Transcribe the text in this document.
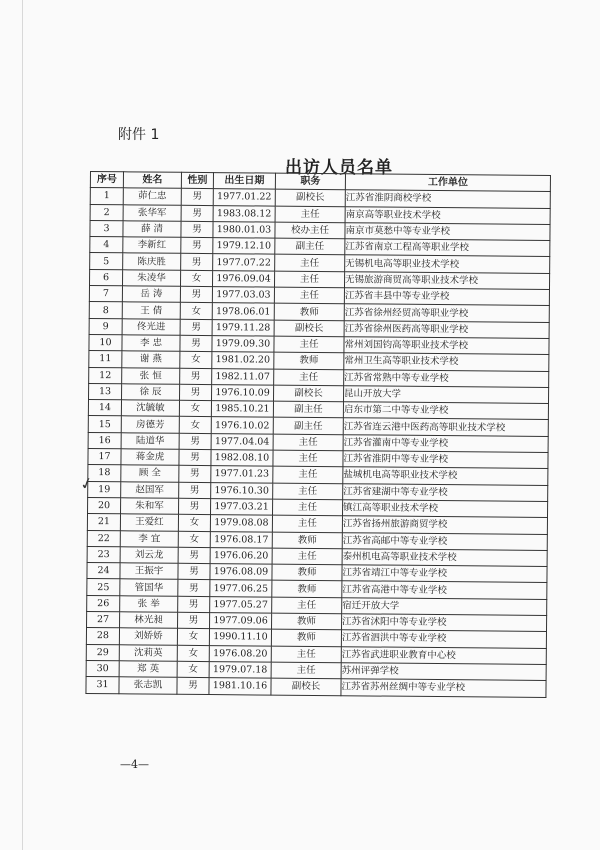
附件 1
出访人员名单
✓
序号	姓名	性别	出生日期	职务	工作单位
1	茆仁忠	男	1977.01.22	副校长	江苏省淮阴商校学校
2	张华军	男	1983.08.12	主任	南京高等职业技术学校
3	薛 清	男	1980.01.03	校办主任	南京市莫愁中等专业学校
4	李新红	男	1979.12.10	副主任	江苏省南京工程高等职业学校
5	陈庆胜	男	1977.07.22	主任	无锡机电高等职业技术学校
6	朱凌华	女	1976.09.04	主任	无锡旅游商贸高等职业技术学校
7	岳 涛	男	1977.03.03	主任	江苏省丰县中等专业学校
8	王 倩	女	1978.06.01	教师	江苏省徐州经贸高等职业学校
9	佟光进	男	1979.11.28	副校长	江苏省徐州医药高等职业学校
10	李 忠	男	1979.09.30	主任	常州刘国钧高等职业技术学校
11	谢 燕	女	1981.02.20	教师	常州卫生高等职业技术学校
12	张 恒	男	1982.11.07	主任	江苏省常熟中等专业学校
13	徐 辰	男	1976.10.09	副校长	昆山开放大学
14	沈毓敏	女	1985.10.21	副主任	启东市第二中等专业学校
15	房德芳	女	1976.10.02	副主任	江苏省连云港中医药高等职业技术学校
16	陆道华	男	1977.04.04	主任	江苏省灌南中等专业学校
17	蒋金虎	男	1982.08.10	主任	江苏省淮阴中等专业学校
18	顾 全	男	1977.01.23	主任	盐城机电高等职业技术学校
19	赵国军	男	1976.10.30	主任	江苏省建湖中等专业学校
20	朱和军	男	1977.03.21	主任	镇江高等职业技术学校
21	王爱红	女	1979.08.08	主任	江苏省扬州旅游商贸学校
22	李 宜	女	1976.08.17	教师	江苏省高邮中等专业学校
23	刘云龙	男	1976.06.20	主任	泰州机电高等职业技术学校
24	王振宇	男	1976.08.09	教师	江苏省靖江中等专业学校
25	管国华	男	1977.06.25	教师	江苏省高港中等专业学校
26	张 举	男	1977.05.27	主任	宿迁开放大学
27	林光昶	男	1977.09.06	教师	江苏省沭阳中等专业学校
28	刘娇娇	女	1990.11.10	教师	江苏省泗洪中等专业学校
29	沈莉英	女	1976.08.20	主任	江苏省武进职业教育中心校
30	郑 英	女	1979.07.18	主任	苏州评弹学校
31	张志凯	男	1981.10.16	副校长	江苏省苏州丝绸中等专业学校
—4—
